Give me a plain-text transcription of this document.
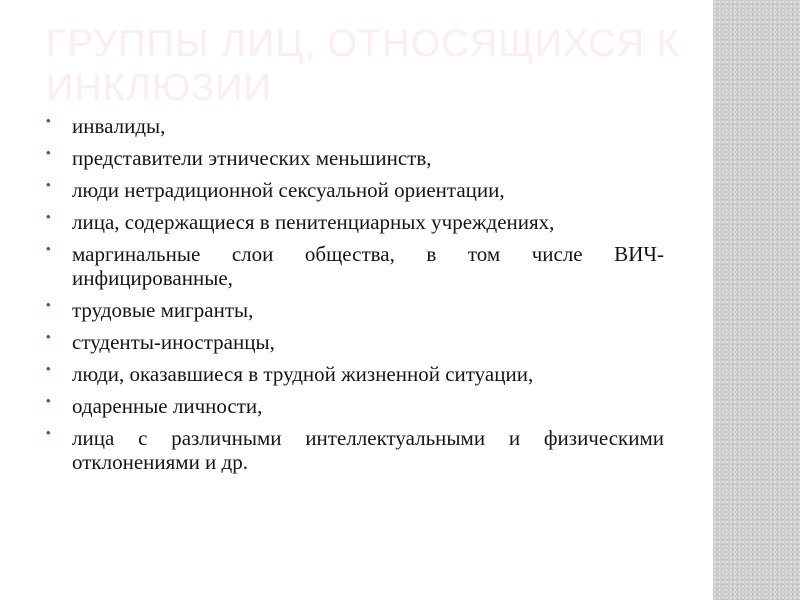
ГРУППЫ ЛИЦ, ОТНОСЯЩИХСЯ К ИНКЛЮЗИИ
•	инвалиды,
•	представители этнических меньшинств,
•	люди нетрадиционной сексуальной ориентации,
•	лица, содержащиеся в пенитенциарных учреждениях,
•	маргинальные слои общества, в том числе ВИЧ-инфицированные,
•	трудовые мигранты,
•	студенты-иностранцы,
•	люди, оказавшиеся в трудной жизненной ситуации,
•	одаренные личности,
•	лица с различными интеллектуальными и физическими отклонениями и др.
